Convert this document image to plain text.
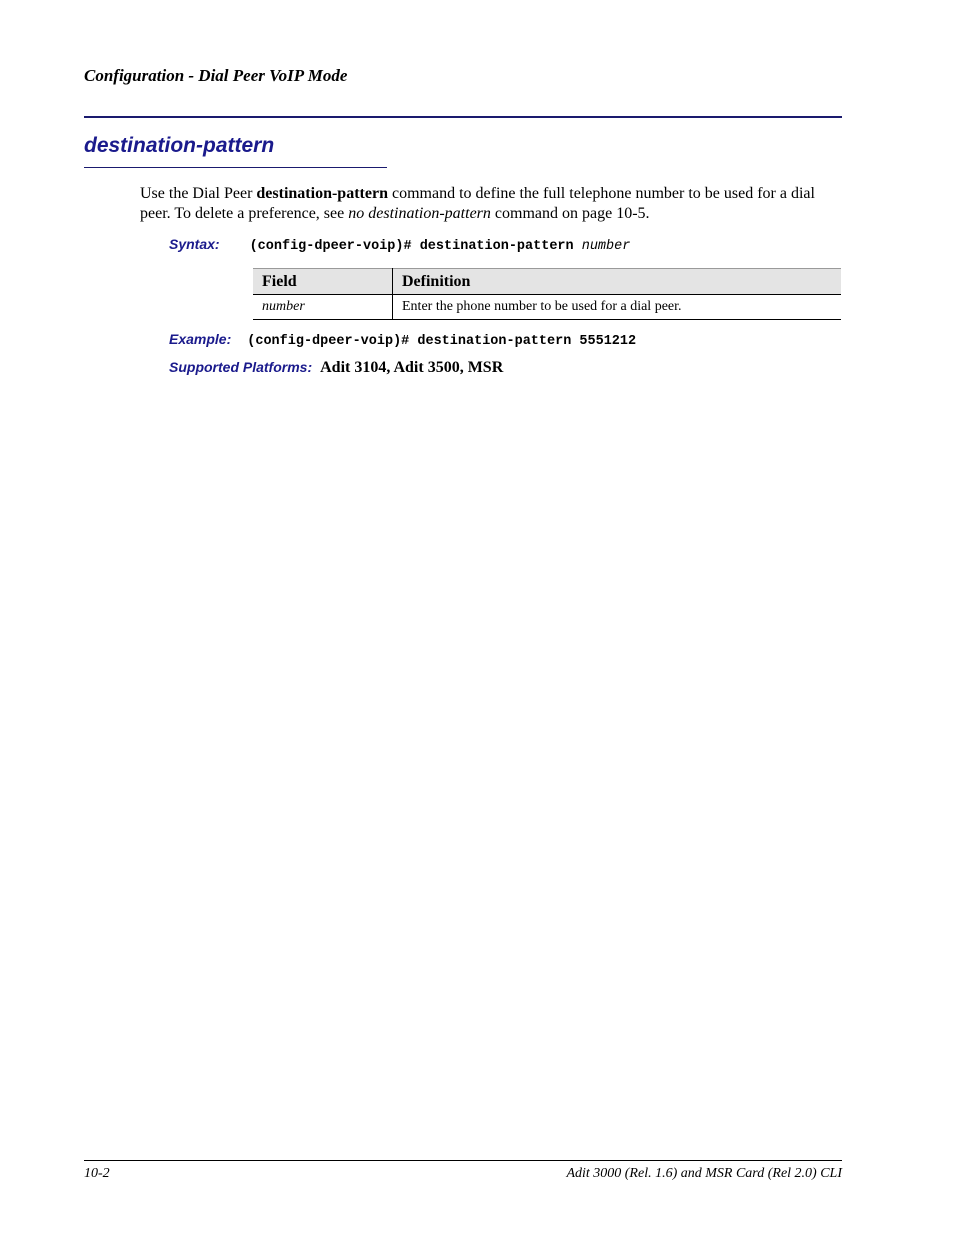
Configuration - Dial Peer VoIP Mode
destination-pattern

Use the Dial Peer destination-pattern command to define the full telephone number to be used for a dial peer. To delete a preference, see no destination-pattern command on page 10-5.

Syntax: (config-dpeer-voip)# destination-pattern number
Field	Definition
number	Enter the phone number to be used for a dial peer.
Example: (config-dpeer-voip)# destination-pattern 5551212
Supported Platforms: Adit 3104, Adit 3500, MSR
10-2	Adit 3000 (Rel. 1.6) and MSR Card (Rel 2.0) CLI
